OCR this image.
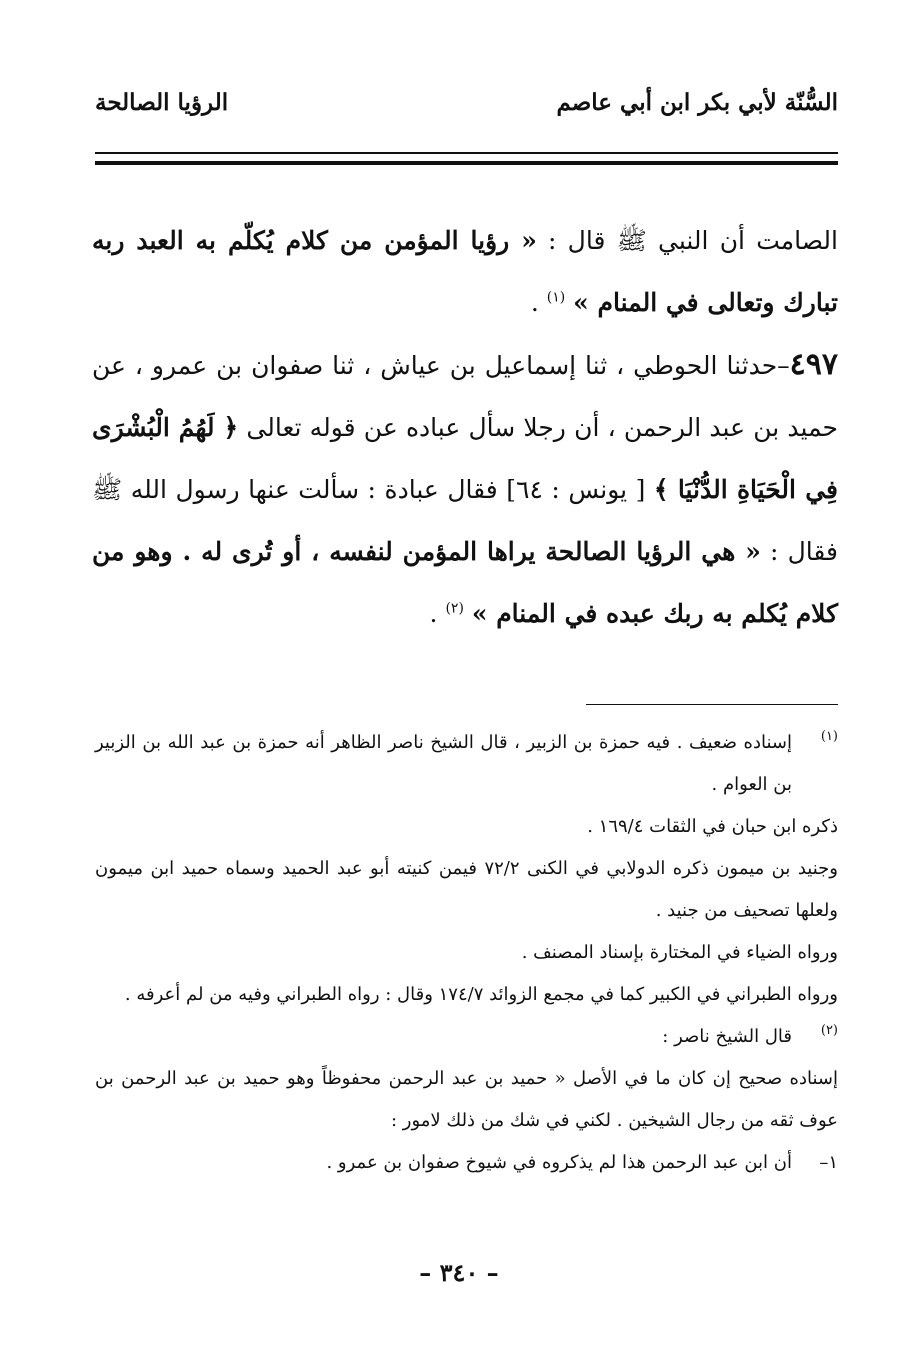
السُّنّة لأبي بكر ابن أبي عاصم
الرؤيا الصالحة

الصامت أن النبي ﷺ قال : « رؤيا المؤمن من كلام يُكلّم به العبد ربه تبارك وتعالى في المنام » $^{(١)}$ .

٤٩٧–حدثنا الحوطي ، ثنا إسماعيل بن عياش ، ثنا صفوان بن عمرو ، عن حميد بن عبد الرحمن ، أن رجلا سأل عباده عن قوله تعالى ﴿ لَهُمُ الْبُشْرَى فِي الْحَيَاةِ الدُّنْيَا ﴾ [ يونس : ٦٤] فقال عبادة : سألت عنها رسول الله ﷺ فقال : « هي الرؤيا الصالحة يراها المؤمن لنفسه ، أو تُرى له . وهو من كلام يُكلم به ربك عبده في المنام » $^{(٢)}$ .

(١)

إسناده ضعيف . فيه حمزة بن الزبير ، قال الشيخ ناصر الظاهر أنه حمزة بن عبد الله بن الزبير بن العوام .

ذكره ابن حبان في الثقات ١٦٩/٤ .

وجنيد بن ميمون ذكره الدولابي في الكنى ٧٢/٢ فيمن كنيته أبو عبد الحميد وسماه حميد ابن ميمون ولعلها تصحيف من جنيد .

ورواه الضياء في المختارة بإسناد المصنف .

ورواه الطبراني في الكبير كما في مجمع الزوائد ١٧٤/٧ وقال : رواه الطبراني وفيه من لم أعرفه .

(٢)

قال الشيخ ناصر :

إسناده صحيح إن كان ما في الأصل « حميد بن عبد الرحمن محفوظاً وهو حميد بن عبد الرحمن بن عوف ثقه من رجال الشيخين . لكني في شك من ذلك لامور :

١–

أن ابن عبد الرحمن هذا لم يذكروه في شيوخ صفوان بن عمرو .

– ٣٤٠ –
